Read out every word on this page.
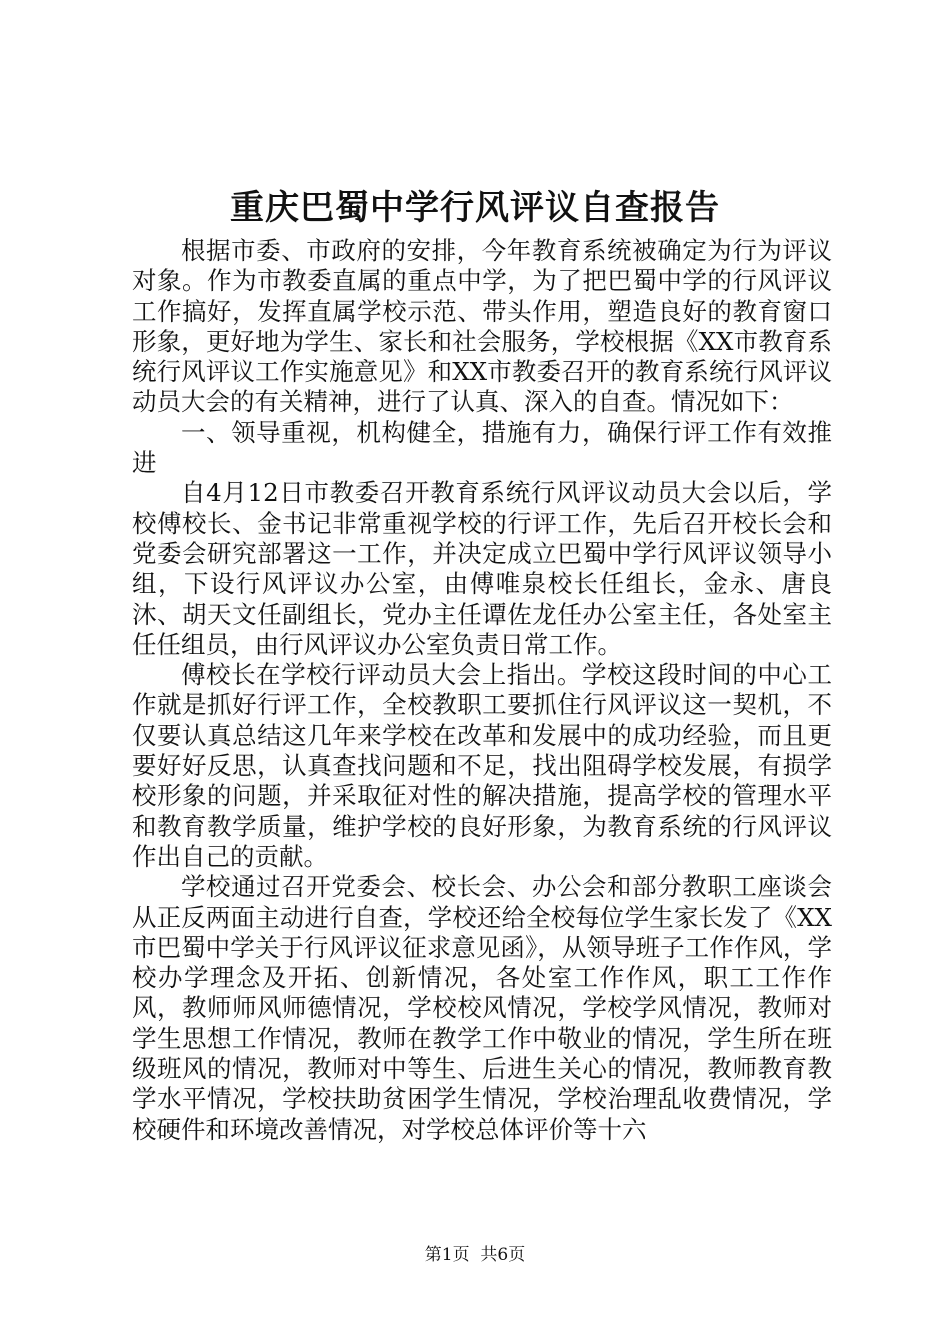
重庆巴蜀中学行风评议自查报告

根据市委、市政府的安排，今年教育系统被确定为行为评议对象。作为市教委直属的重点中学，为了把巴蜀中学的行风评议工作搞好，发挥直属学校示范、带头作用，塑造良好的教育窗口形象，更好地为学生、家长和社会服务，学校根据《XX市教育系统行风评议工作实施意见》和XX市教委召开的教育系统行风评议动员大会的有关精神，进行了认真、深入的自查。情况如下：

一、领导重视，机构健全，措施有力，确保行评工作有效推进

自4月12日市教委召开教育系统行风评议动员大会以后，学校傅校长、金书记非常重视学校的行评工作，先后召开校长会和党委会研究部署这一工作，并决定成立巴蜀中学行风评议领导小组，下设行风评议办公室，由傅唯泉校长任组长，金永、唐良沐、胡天文任副组长，党办主任谭佐龙任办公室主任，各处室主任任组员，由行风评议办公室负责日常工作。

傅校长在学校行评动员大会上指出。学校这段时间的中心工作就是抓好行评工作，全校教职工要抓住行风评议这一契机，不仅要认真总结这几年来学校在改革和发展中的成功经验，而且更要好好反思，认真查找问题和不足，找出阻碍学校发展，有损学校形象的问题，并采取征对性的解决措施，提高学校的管理水平和教育教学质量，维护学校的良好形象，为教育系统的行风评议作出自己的贡献。

学校通过召开党委会、校长会、办公会和部分教职工座谈会从正反两面主动进行自查，学校还给全校每位学生家长发了《XX市巴蜀中学关于行风评议征求意见函》，从领导班子工作作风，学校办学理念及开拓、创新情况，各处室工作作风，职工工作作风，教师师风师德情况，学校校风情况，学校学风情况，教师对学生思想工作情况，教师在教学工作中敬业的情况，学生所在班级班风的情况，教师对中等生、后进生关心的情况，教师教育教学水平情况，学校扶助贫困学生情况，学校治理乱收费情况，学校硬件和环境改善情况，对学校总体评价等十六

第1页 共6页
